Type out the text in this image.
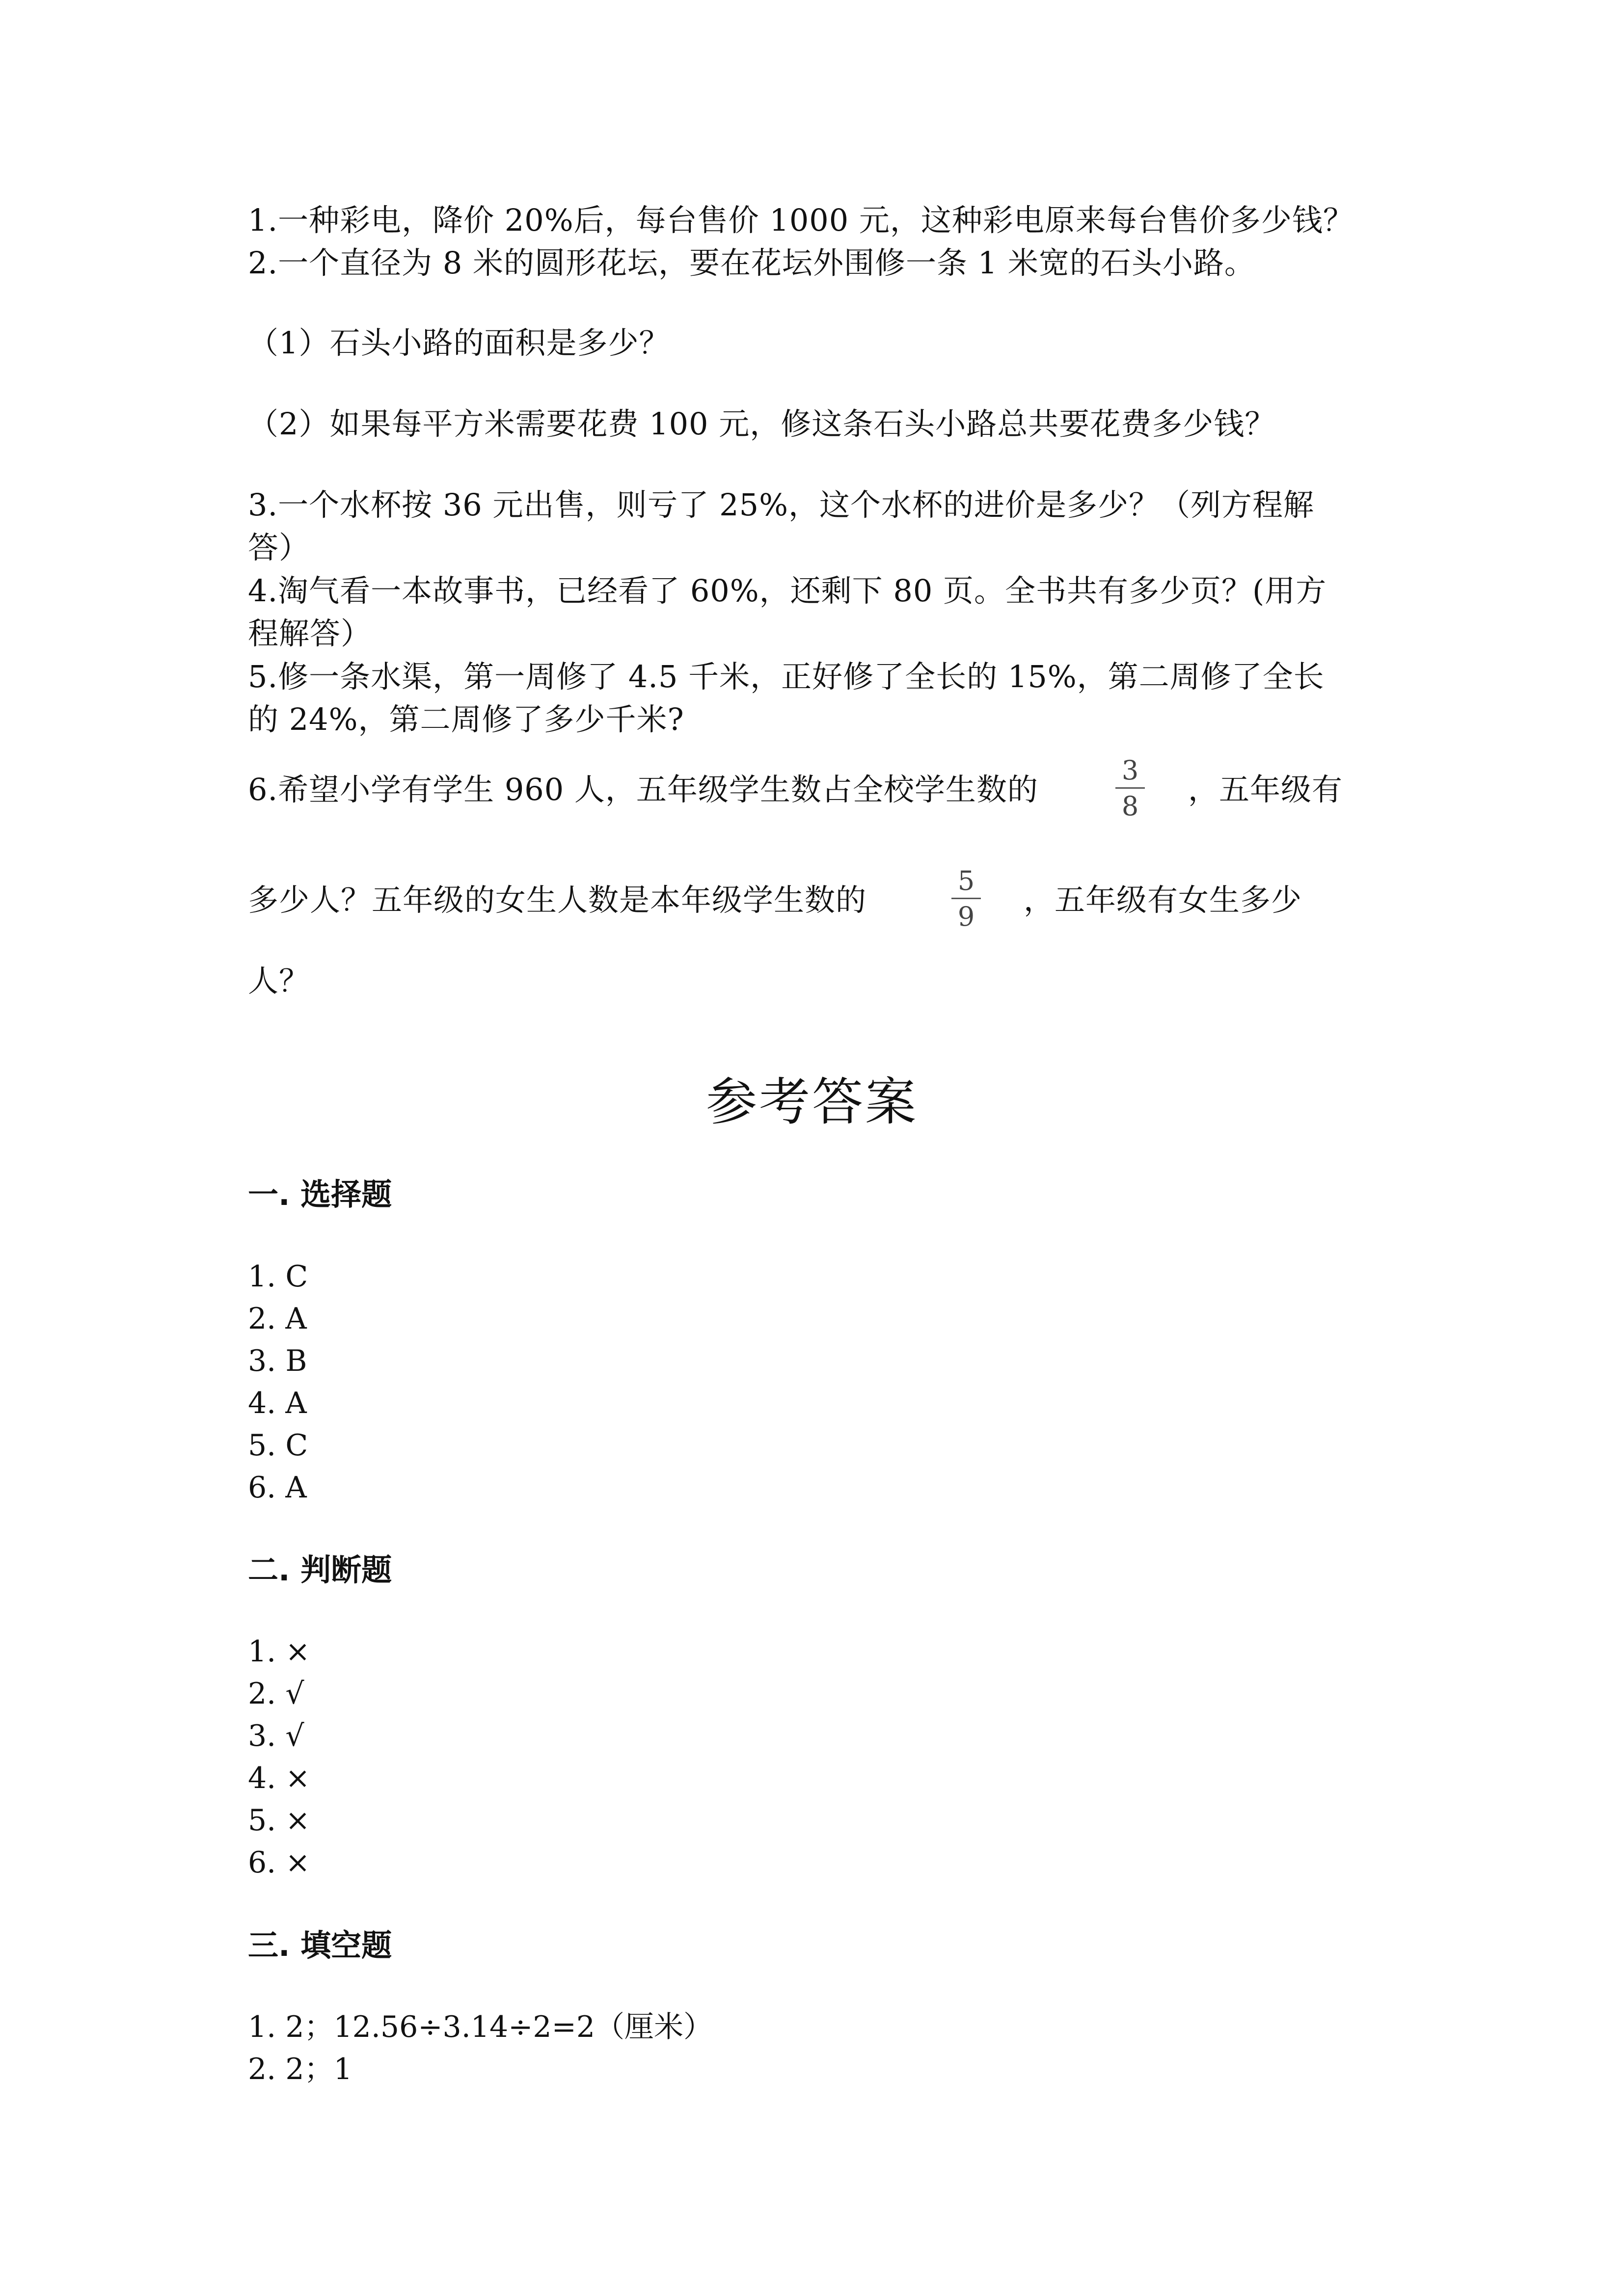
1.一种彩电，降价 20%后，每台售价 1000 元，这种彩电原来每台售价多少钱？
2.一个直径为 8 米的圆形花坛，要在花坛外围修一条 1 米宽的石头小路。
（1）石头小路的面积是多少？
（2）如果每平方米需要花费 100 元，修这条石头小路总共要花费多少钱？
3.一个水杯按 36 元出售，则亏了 25%，这个水杯的进价是多少？（列方程解
答）
4.淘气看一本故事书，已经看了 60%，还剩下 80 页。全书共有多少页？(用方
程解答）
5.修一条水渠，第一周修了 4.5 千米，正好修了全长的 15%，第二周修了全长
的 24%，第二周修了多少千米?
6.希望小学有学生 960 人，五年级学生数占全校学生数的
3
8 ，五年级有
多少人？五年级的女生人数是本年级学生数的
5
9 ，五年级有女生多少
人？
参考答案
一. 选择题
1. C
2. A
3. B
4. A
5. C
6. A
二. 判断题
1. ×
2. √
3. √
4. ×
5. ×
6. ×
三. 填空题
1. 2；12.56÷3.14÷2=2（厘米）
2. 2；1
